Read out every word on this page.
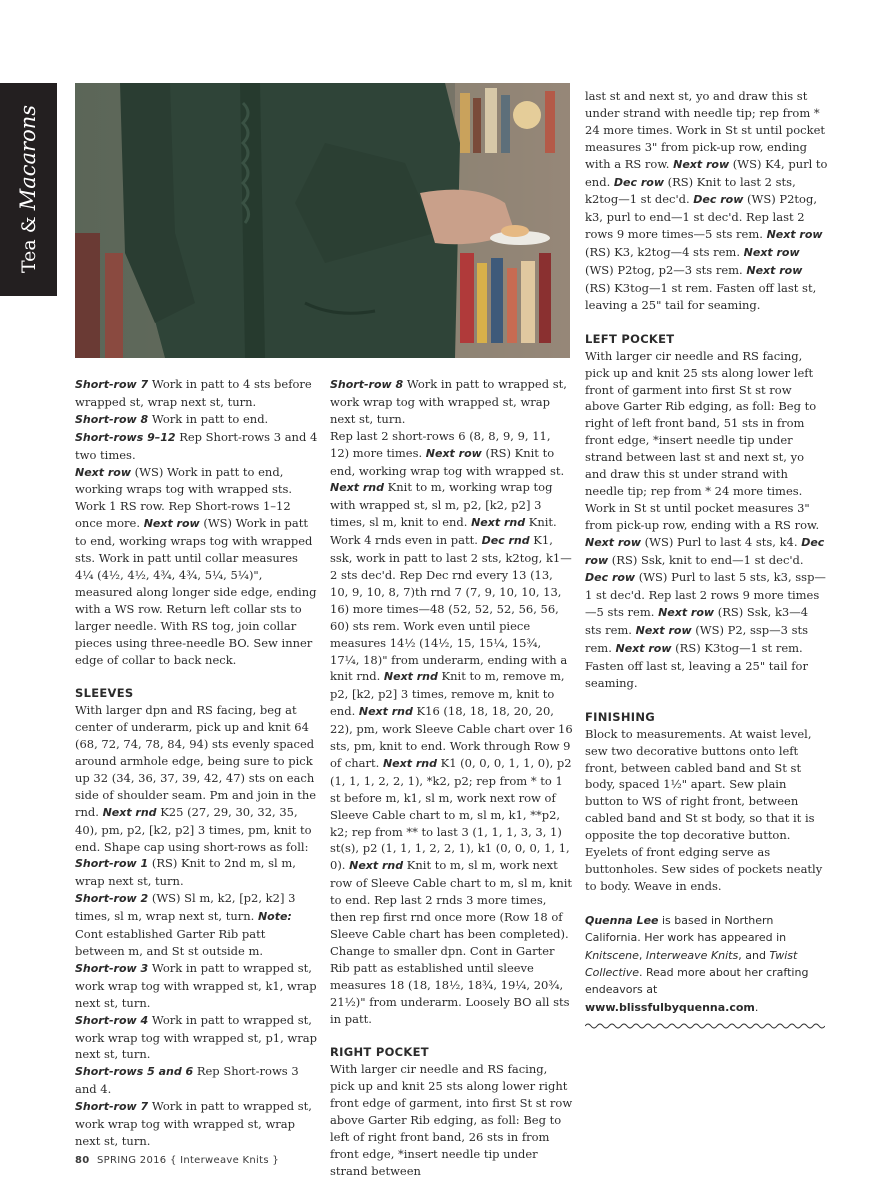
Tea & Macarons

Short-row 7 Work in patt to 4 sts before wrapped st, wrap next st, turn.

Short-row 8 Work in patt to end.

Short-rows 9–12 Rep Short-rows 3 and 4 two times.

Next row (WS) Work in patt to end, working wraps tog with wrapped sts. Work 1 RS row. Rep Short-rows 1–12 once more. Next row (WS) Work in patt to end, working wraps tog with wrapped sts. Work in patt until collar measures 4¼ (4½, 4½, 4¾, 4¾, 5¼, 5¼)", measured along longer side edge, ending with a WS row. Return left collar sts to larger needle. With RS tog, join collar pieces using three-needle BO. Sew inner edge of collar to back neck.

SLEEVES

With larger dpn and RS facing, beg at center of underarm, pick up and knit 64 (68, 72, 74, 78, 84, 94) sts evenly spaced around armhole edge, being sure to pick up 32 (34, 36, 37, 39, 42, 47) sts on each side of shoulder seam. Pm and join in the rnd. Next rnd K25 (27, 29, 30, 32, 35, 40), pm, p2, [k2, p2] 3 times, pm, knit to end. Shape cap using short-rows as foll:

Short-row 1 (RS) Knit to 2nd m, sl m, wrap next st, turn.

Short-row 2 (WS) Sl m, k2, [p2, k2] 3 times, sl m, wrap next st, turn. Note: Cont established Garter Rib patt between m, and St st outside m.

Short-row 3 Work in patt to wrapped st, work wrap tog with wrapped st, k1, wrap next st, turn.

Short-row 4 Work in patt to wrapped st, work wrap tog with wrapped st, p1, wrap next st, turn.

Short-rows 5 and 6 Rep Short-rows 3 and 4.

Short-row 7 Work in patt to wrapped st, work wrap tog with wrapped st, wrap next st, turn.

Short-row 8 Work in patt to wrapped st, work wrap tog with wrapped st, wrap next st, turn.

Rep last 2 short-rows 6 (8, 8, 9, 9, 11, 12) more times. Next row (RS) Knit to end, working wrap tog with wrapped st. Next rnd Knit to m, working wrap tog with wrapped st, sl m, p2, [k2, p2] 3 times, sl m, knit to end. Next rnd Knit. Work 4 rnds even in patt. Dec rnd K1, ssk, work in patt to last 2 sts, k2tog, k1—2 sts dec'd. Rep Dec rnd every 13 (13, 10, 9, 10, 8, 7)th rnd 7 (7, 9, 10, 10, 13, 16) more times—48 (52, 52, 52, 56, 56, 60) sts rem. Work even until piece measures 14½ (14½, 15, 15¼, 15¾, 17¼, 18)" from underarm, ending with a knit rnd. Next rnd Knit to m, remove m, p2, [k2, p2] 3 times, remove m, knit to end. Next rnd K16 (18, 18, 18, 20, 20, 22), pm, work Sleeve Cable chart over 16 sts, pm, knit to end. Work through Row 9 of chart. Next rnd K1 (0, 0, 0, 1, 1, 0), p2 (1, 1, 1, 2, 2, 1), *k2, p2; rep from * to 1 st before m, k1, sl m, work next row of Sleeve Cable chart to m, sl m, k1, **p2, k2; rep from ** to last 3 (1, 1, 1, 3, 3, 1) st(s), p2 (1, 1, 1, 2, 2, 1), k1 (0, 0, 0, 1, 1, 0). Next rnd Knit to m, sl m, work next row of Sleeve Cable chart to m, sl m, knit to end. Rep last 2 rnds 3 more times, then rep first rnd once more (Row 18 of Sleeve Cable chart has been completed). Change to smaller dpn. Cont in Garter Rib patt as established until sleeve measures 18 (18, 18½, 18¾, 19¼, 20¾, 21½)" from underarm. Loosely BO all sts in patt.

RIGHT POCKET

With larger cir needle and RS facing, pick up and knit 25 sts along lower right front edge of garment, into first St st row above Garter Rib edging, as foll: Beg to left of right front band, 26 sts in from front edge, *insert needle tip under strand between

last st and next st, yo and draw this st under strand with needle tip; rep from * 24 more times. Work in St st until pocket measures 3" from pick-up row, ending with a RS row. Next row (WS) K4, purl to end. Dec row (RS) Knit to last 2 sts, k2tog—1 st dec'd. Dec row (WS) P2tog, k3, purl to end—1 st dec'd. Rep last 2 rows 9 more times—5 sts rem. Next row (RS) K3, k2tog—4 sts rem. Next row (WS) P2tog, p2—3 sts rem. Next row (RS) K3tog—1 st rem. Fasten off last st, leaving a 25" tail for seaming.

LEFT POCKET

With larger cir needle and RS facing, pick up and knit 25 sts along lower left front of garment into first St st row above Garter Rib edging, as foll: Beg to right of left front band, 51 sts in from front edge, *insert needle tip under strand between last st and next st, yo and draw this st under strand with needle tip; rep from * 24 more times. Work in St st until pocket measures 3" from pick-up row, ending with a RS row. Next row (WS) Purl to last 4 sts, k4. Dec row (RS) Ssk, knit to end—1 st dec'd. Dec row (WS) Purl to last 5 sts, k3, ssp—1 st dec'd. Rep last 2 rows 9 more times—5 sts rem. Next row (RS) Ssk, k3—4 sts rem. Next row (WS) P2, ssp—3 sts rem. Next row (RS) K3tog—1 st rem. Fasten off last st, leaving a 25" tail for seaming.

FINISHING

Block to measurements. At waist level, sew two decorative buttons onto left front, between cabled band and St st body, spaced 1½" apart. Sew plain button to WS of right front, between cabled band and St st body, so that it is opposite the top decorative button. Eyelets of front edging serve as buttonholes. Sew sides of pockets neatly to body. Weave in ends.

Quenna Lee is based in Northern California. Her work has appeared in Knitscene, Interweave Knits, and Twist Collective. Read more about her crafting endeavors at www.blissfulbyquenna.com.

80 SPRING 2016 { Interweave Knits }
